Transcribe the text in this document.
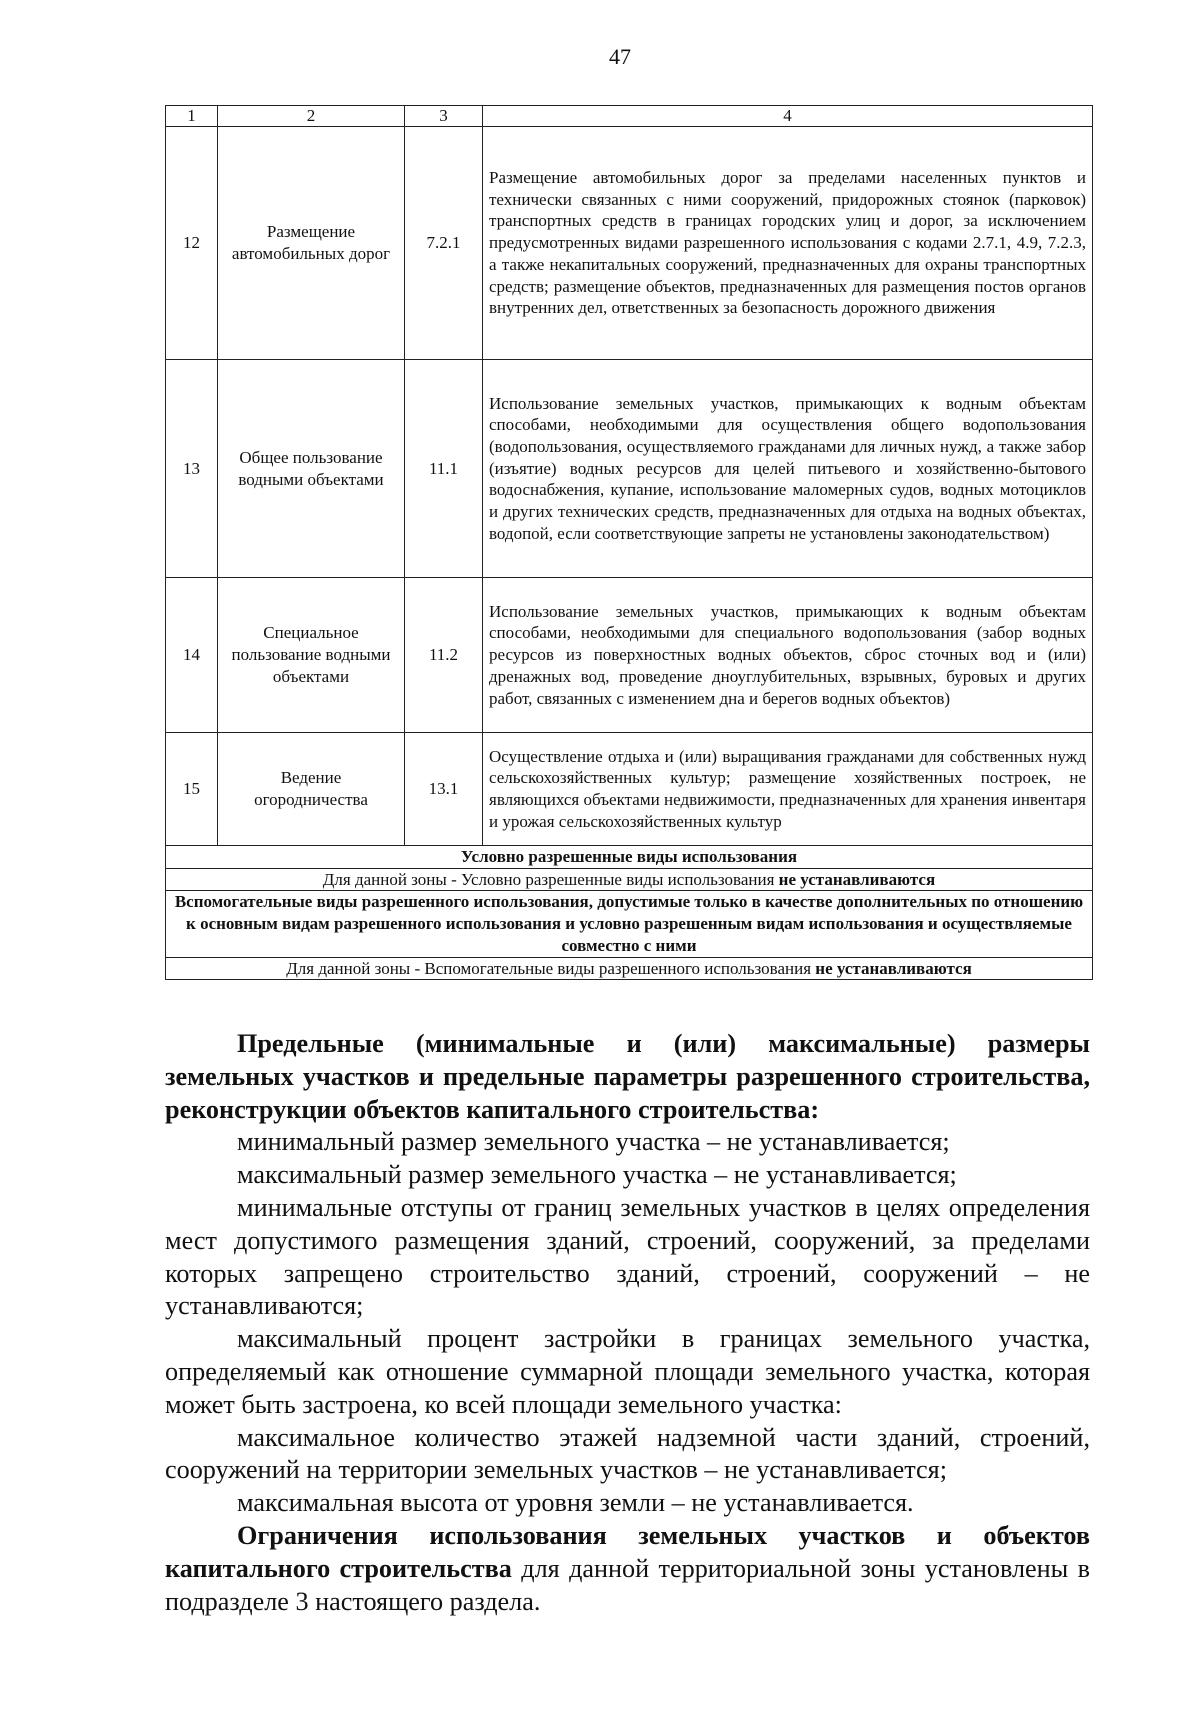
47
1	2	3	4
12	Размещение автомобильных дорог	7.2.1	Размещение автомобильных дорог за пределами населенных пунктов и технически связанных с ними сооружений, придорожных стоянок (парковок) транспортных средств в границах городских улиц и дорог, за исключением предусмотренных видами разрешенного использования с кодами 2.7.1, 4.9, 7.2.3, а также некапитальных сооружений, предназначенных для охраны транспортных средств; размещение объектов, предназначенных для размещения постов органов внутренних дел, ответственных за безопасность дорожного движения
13	Общее пользование водными объектами	11.1	Использование земельных участков, примыкающих к водным объектам способами, необходимыми для осуществления общего водопользования (водопользования, осуществляемого гражданами для личных нужд, а также забор (изъятие) водных ресурсов для целей питьевого и хозяйственно-бытового водоснабжения, купание, использование маломерных судов, водных мотоциклов и других технических средств, предназначенных для отдыха на водных объектах, водопой, если соответствующие запреты не установлены законодательством)
14	Специальное пользование водными объектами	11.2	Использование земельных участков, примыкающих к водным объектам способами, необходимыми для специального водопользования (забор водных ресурсов из поверхностных водных объектов, сброс сточных вод и (или) дренажных вод, проведение дноуглубительных, взрывных, буровых и других работ, связанных с изменением дна и берегов водных объектов)
15	Ведение огородничества	13.1	Осуществление отдыха и (или) выращивания гражданами для собственных нужд сельскохозяйственных культур; размещение хозяйственных построек, не являющихся объектами недвижимости, предназначенных для хранения инвентаря и урожая сельскохозяйственных культур
Условно разрешенные виды использования			
Для данной зоны - Условно разрешенные виды использования не устанавливаются			
Вспомогательные виды разрешенного использования, допустимые только в качестве дополнительных по отношению к основным видам разрешенного использования и условно разрешенным видам использования и осуществляемые совместно с ними			
Для данной зоны - Вспомогательные виды разрешенного использования не устанавливаются			

Предельные (минимальные и (или) максимальные) размеры земельных участков и предельные параметры разрешенного строительства, реконструкции объектов капитального строительства:

минимальный размер земельного участка – не устанавливается;

максимальный размер земельного участка – не устанавливается;

минимальные отступы от границ земельных участков в целях определения мест допустимого размещения зданий, строений, сооружений, за пределами которых запрещено строительство зданий, строений, сооружений – не устанавливаются;

максимальный процент застройки в границах земельного участка, определяемый как отношение суммарной площади земельного участка, которая может быть застроена, ко всей площади земельного участка:

максимальное количество этажей надземной части зданий, строений, сооружений на территории земельных участков – не устанавливается;

максимальная высота от уровня земли – не устанавливается.

Ограничения использования земельных участков и объектов капитального строительства для данной территориальной зоны установлены в подразделе 3 настоящего раздела.
